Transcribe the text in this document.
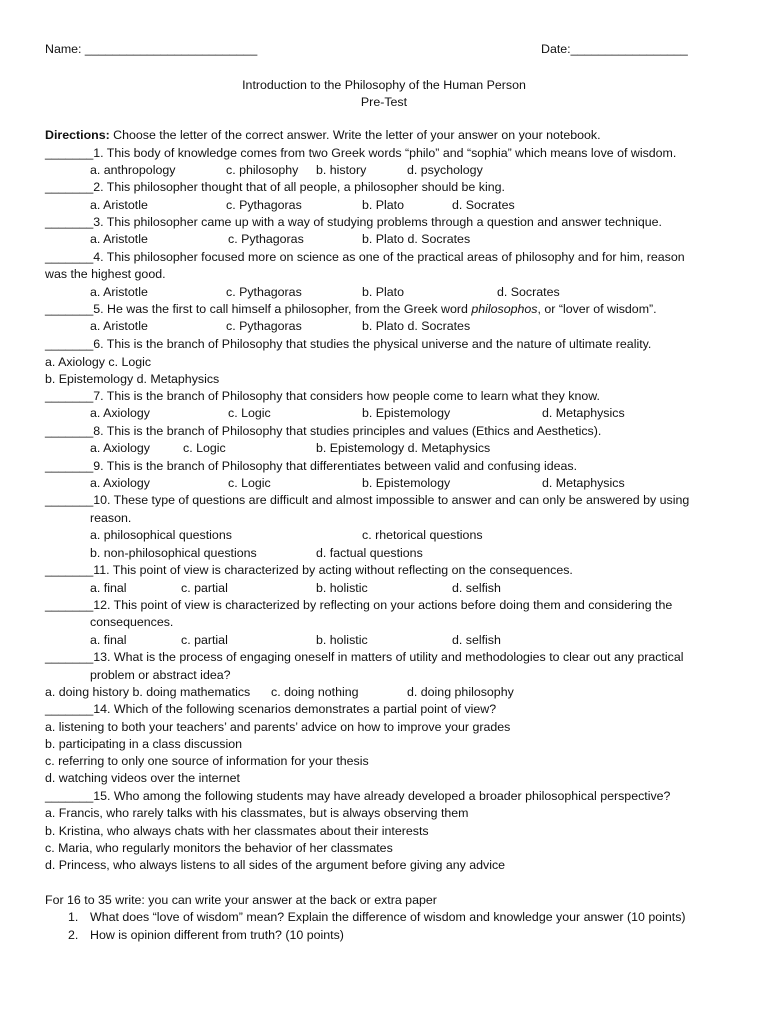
Name: _________________________	Date:_________________
Introduction to the Philosophy of the Human Person
Pre-Test
Directions: Choose the letter of the correct answer. Write the letter of your answer on your notebook.
_______1. This body of knowledge comes from two Greek words “philo” and “sophia” which means love of wisdom.
a. anthropology	c. philosophy b. history	d. psychology
_______2. This philosopher thought that of all people, a philosopher should be king.
a. Aristotle	c. Pythagoras	b. Plato	d. Socrates
_______3. This philosopher came up with a way of studying problems through a question and answer technique.
a. Aristotle	c. Pythagoras	b. Plato d. Socrates
_______4. This philosopher focused more on science as one of the practical areas of philosophy and for him, reason
was the highest good.
a. Aristotle	c. Pythagoras	b. Plato	d. Socrates
_______5. He was the first to call himself a philosopher, from the Greek word philosophos, or “lover of wisdom”.
a. Aristotle	c. Pythagoras	b. Plato d. Socrates
_______6. This is the branch of Philosophy that studies the physical universe and the nature of ultimate reality.
a. Axiology c. Logic
b. Epistemology d. Metaphysics
_______7. This is the branch of Philosophy that considers how people come to learn what they know.
a. Axiology	c. Logic	b. Epistemology	d. Metaphysics
_______8. This is the branch of Philosophy that studies principles and values (Ethics and Aesthetics).
a. Axiology	c. Logic	b. Epistemology d. Metaphysics
_______9. This is the branch of Philosophy that differentiates between valid and confusing ideas.
a. Axiology	c. Logic	b. Epistemology	d. Metaphysics
_______10. These type of questions are difficult and almost impossible to answer and can only be answered by using
reason.
a. philosophical questions	c. rhetorical questions
b. non-philosophical questions	d. factual questions
_______11. This point of view is characterized by acting without reflecting on the consequences.
a. final	c. partial	b. holistic	d. selfish
_______12. This point of view is characterized by reflecting on your actions before doing them and considering the
consequences.
a. final	c. partial	b. holistic	d. selfish
_______13. What is the process of engaging oneself in matters of utility and methodologies to clear out any practical
problem or abstract idea?
a. doing history b. doing mathematics c. doing nothing	d. doing philosophy
_______14. Which of the following scenarios demonstrates a partial point of view?
a. listening to both your teachers’ and parents’ advice on how to improve your grades
b. participating in a class discussion
c. referring to only one source of information for your thesis
d. watching videos over the internet
_______15. Who among the following students may have already developed a broader philosophical perspective?
a. Francis, who rarely talks with his classmates, but is always observing them
b. Kristina, who always chats with her classmates about their interests
c. Maria, who regularly monitors the behavior of her classmates
d. Princess, who always listens to all sides of the argument before giving any advice
For 16 to 35 write: you can write your answer at the back or extra paper
1. What does “love of wisdom” mean? Explain the difference of wisdom and knowledge your answer (10 points)
2. How is opinion different from truth? (10 points)
